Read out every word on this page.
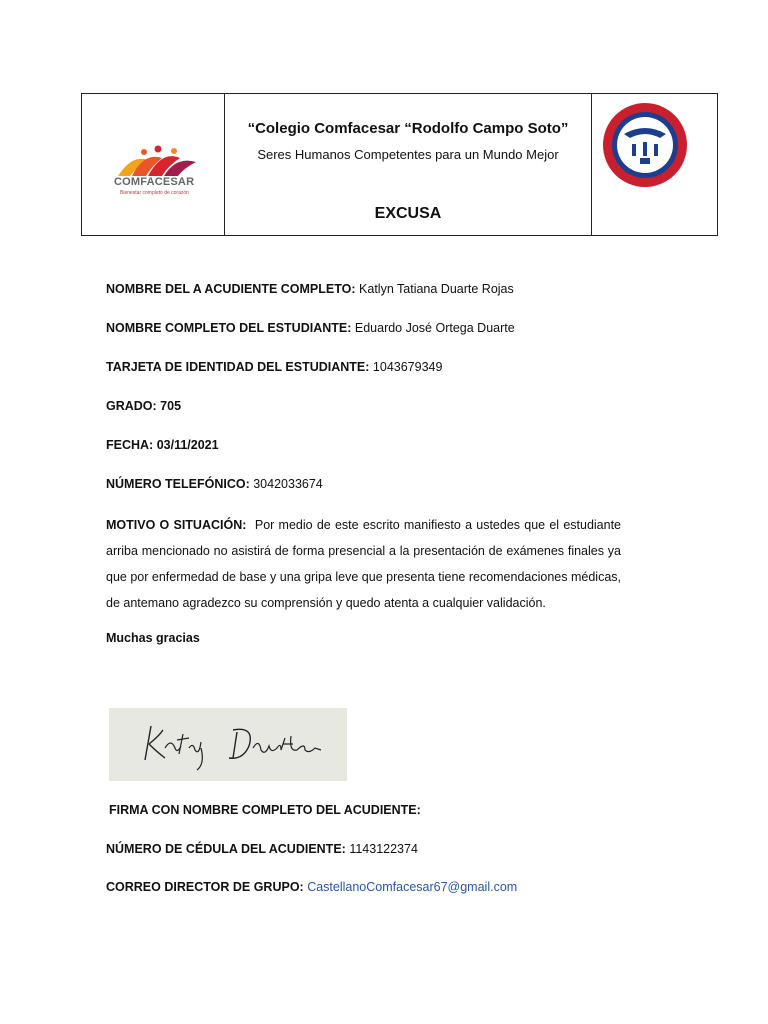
COMFACESAR
Bienestar completo de corazón
“Colegio Comfacesar “Rodolfo Campo Soto”
Seres Humanos Competentes para un Mundo Mejor
EXCUSA
NOMBRE DEL A ACUDIENTE COMPLETO: Katlyn Tatiana Duarte Rojas
NOMBRE COMPLETO DEL ESTUDIANTE: Eduardo José Ortega Duarte
TARJETA DE IDENTIDAD DEL ESTUDIANTE: 1043679349
GRADO: 705
FECHA: 03/11/2021
NÚMERO TELEFÓNICO: 3042033674
MOTIVO O SITUACIÓN: Por medio de este escrito manifiesto a ustedes que el estudiante arriba mencionado no asistirá de forma presencial a la presentación de exámenes finales ya que por enfermedad de base y una gripa leve que presenta tiene recomendaciones médicas, de antemano agradezco su comprensión y quedo atenta a cualquier validación.
Muchas gracias
FIRMA CON NOMBRE COMPLETO DEL ACUDIENTE:
NÚMERO DE CÉDULA DEL ACUDIENTE: 1143122374
CORREO DIRECTOR DE GRUPO: CastellanoComfacesar67@gmail.com
